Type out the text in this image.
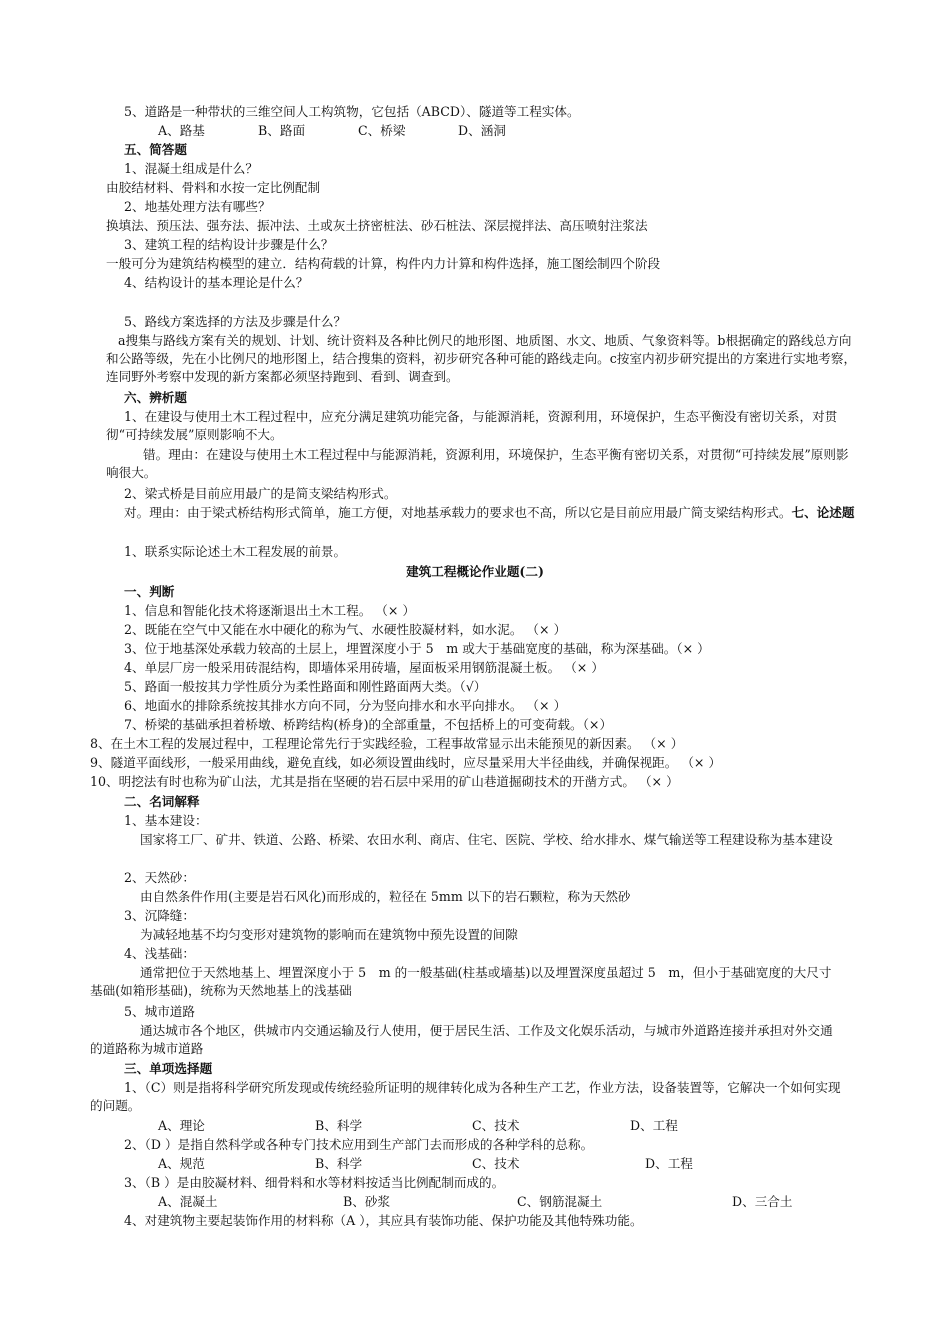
5、道路是一种带状的三维空间人工构筑物，它包括（ABCD）、隧道等工程实体。
A、路基	B、路面	C、桥梁	D、涵洞
五、简答题
1、混凝土组成是什么？
由胶结材料、骨料和水按一定比例配制
2、地基处理方法有哪些？
换填法、预压法、强夯法、振冲法、土或灰土挤密桩法、砂石桩法、深层搅拌法、高压喷射注浆法
3、建筑工程的结构设计步骤是什么？
一般可分为建筑结构模型的建立．结构荷载的计算，构件内力计算和构件选择，施工图绘制四个阶段
4、结构设计的基本理论是什么？
5、路线方案选择的方法及步骤是什么？
a搜集与路线方案有关的规划、计划、统计资料及各种比例尺的地形图、地质图、水文、地质、气象资料等。b根据确定的路线总方向和公路等级，先在小比例尺的地形图上，结合搜集的资料，初步研究各种可能的路线走向。c按室内初步研究提出的方案进行实地考察，连同野外考察中发现的新方案都必须坚持跑到、看到、调查到。
六、辨析题
1、在建设与使用土木工程过程中，应充分满足建筑功能完备，与能源消耗，资源利用，环境保护，生态平衡没有密切关系，对贯彻“可持续发展”原则影响不大。
错。理由：在建设与使用土木工程过程中与能源消耗，资源利用，环境保护，生态平衡有密切关系，对贯彻“可持续发展”原则影响很大。
2、梁式桥是目前应用最广的是简支梁结构形式。
对。理由：由于梁式桥结构形式简单，施工方便，对地基承载力的要求也不高，所以它是目前应用最广简支梁结构形式。七、论述题
1、联系实际论述土木工程发展的前景。
建筑工程概论作业题(二)
一、判断
1、信息和智能化技术将逐渐退出土木工程。 （× ）
2、既能在空气中又能在水中硬化的称为气、水硬性胶凝材料，如水泥。 （× ）
3、位于地基深处承载力较高的土层上，埋置深度小于 5　m 或大于基础宽度的基础，称为深基础。（× ）
4、单层厂房一般采用砖混结构，即墙体采用砖墙，屋面板采用钢筋混凝土板。 （× ）
5、路面一般按其力学性质分为柔性路面和刚性路面两大类。（√）
6、地面水的排除系统按其排水方向不同，分为竖向排水和水平向排水。 （× ）
7、桥梁的基础承担着桥墩、桥跨结构(桥身)的全部重量，不包括桥上的可变荷载。（×）
8、在土木工程的发展过程中，工程理论常先行于实践经验，工程事故常显示出未能预见的新因素。 （× ）
9、隧道平面线形，一般采用曲线，避免直线，如必须设置曲线时，应尽量采用大半径曲线，并确保视距。 （× ）
10、明挖法有时也称为矿山法，尤其是指在坚硬的岩石层中采用的矿山巷道掘砌技术的开凿方式。 （× ）
二、名词解释
1、基本建设：
国家将工厂、矿井、铁道、公路、桥梁、农田水利、商店、住宅、医院、学校、给水排水、煤气输送等工程建设称为基本建设
2、天然砂：
由自然条件作用(主要是岩石风化)而形成的，粒径在 5mm 以下的岩石颗粒，称为天然砂
3、沉降缝：
为减轻地基不均匀变形对建筑物的影响而在建筑物中预先设置的间隙
4、浅基础：
通常把位于天然地基上、埋置深度小于 5　m 的一般基础(柱基或墙基)以及埋置深度虽超过 5　m，但小于基础宽度的大尺寸基础(如箱形基础)，统称为天然地基上的浅基础
5、城市道路
通达城市各个地区，供城市内交通运输及行人使用，便于居民生活、工作及文化娱乐活动，与城市外道路连接并承担对外交通的道路称为城市道路
三、单项选择题
1、（C）则是指将科学研究所发现或传统经验所证明的规律转化成为各种生产工艺，作业方法，设备装置等，它解决一个如何实现的问题。
A、理论	B、科学	C、技术	D、工程
2、（D ）是指自然科学或各种专门技术应用到生产部门去而形成的各种学科的总称。
A、规范	B、科学	C、技术	D、工程
3、（B ）是由胶凝材料、细骨料和水等材料按适当比例配制而成的。
A、混凝土	B、砂浆	C、钢筋混凝土	D、三合土
4、对建筑物主要起装饰作用的材料称（A ），其应具有装饰功能、保护功能及其他特殊功能。
